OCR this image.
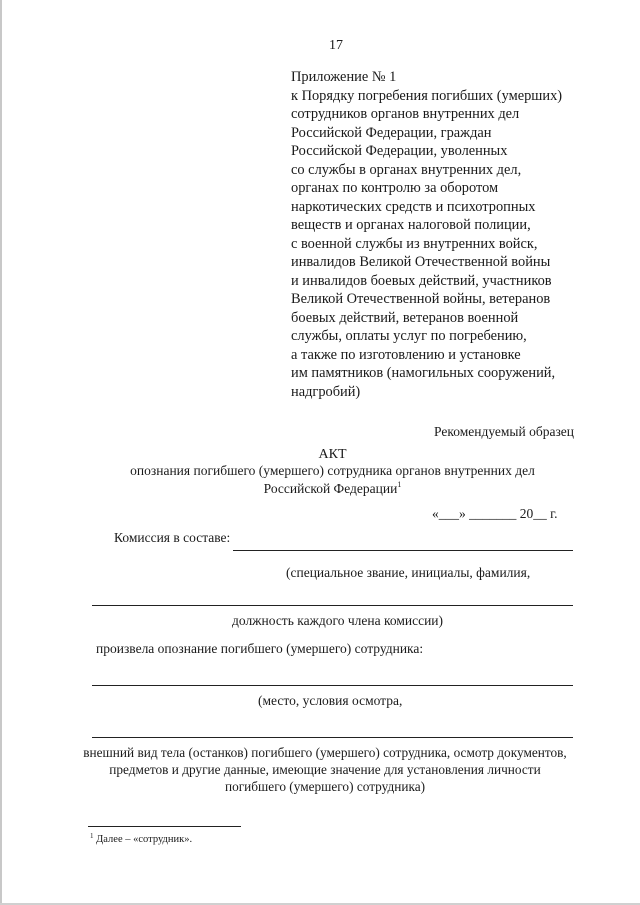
17
Приложение № 1
к Порядку погребения погибших (умерших)
сотрудников органов внутренних дел
Российской Федерации, граждан
Российской Федерации, уволенных
со службы в органах внутренних дел,
органах по контролю за оборотом
наркотических средств и психотропных
веществ и органах налоговой полиции,
с военной службы из внутренних войск,
инвалидов Великой Отечественной войны
и инвалидов боевых действий, участников
Великой Отечественной войны, ветеранов
боевых действий, ветеранов военной
службы, оплаты услуг по погребению,
а также по изготовлению и установке
им памятников (намогильных сооружений,
надгробий)
Рекомендуемый образец
АКТ
опознания погибшего (умершего) сотрудника органов внутренних дел
Российской Федерации$^1$
«___» _______ 20__ г.
Комиссия в составе:
(специальное звание, инициалы, фамилия,
должность каждого члена комиссии)
произвела опознание погибшего (умершего) сотрудника:
(место, условия осмотра,
внешний вид тела (останков) погибшего (умершего) сотрудника, осмотр документов,
предметов и другие данные, имеющие значение для установления личности
погибшего (умершего) сотрудника)
$^1$ Далее – «сотрудник».
